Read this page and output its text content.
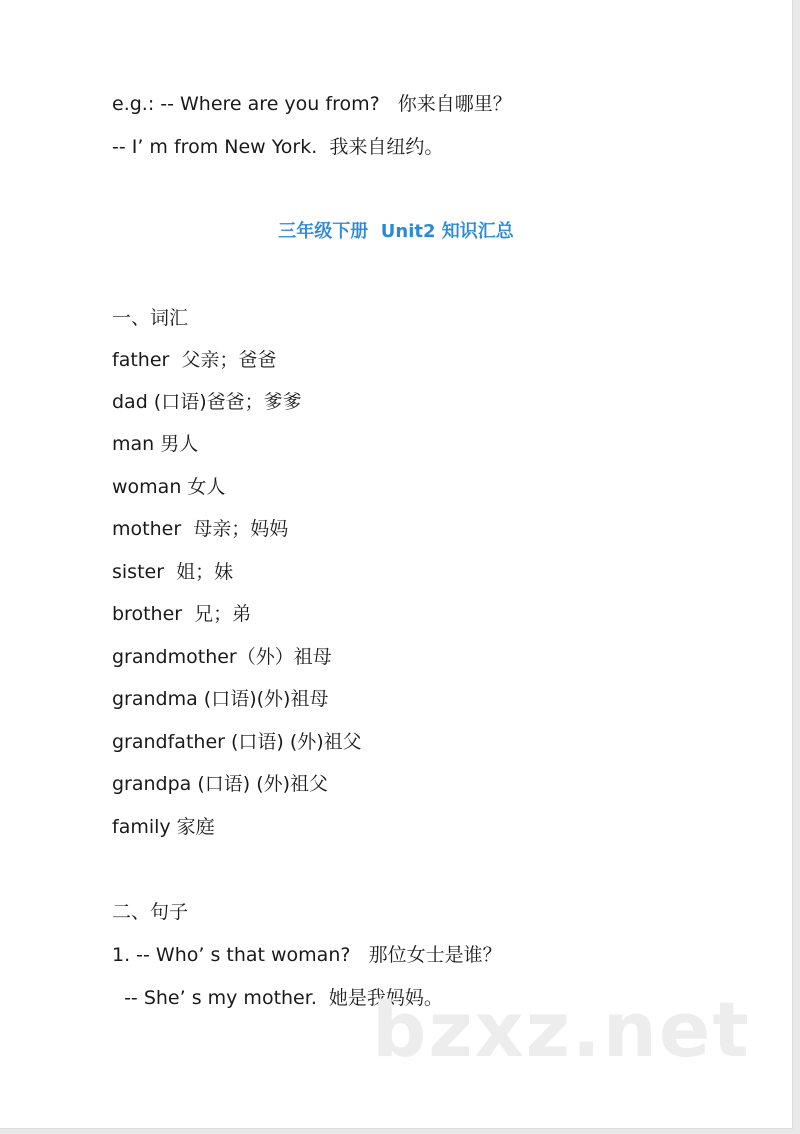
e.g.: -- Where are you from?   你来自哪里？
-- I’ m from New York.  我来自纽约。
三年级下册  Unit2 知识汇总
一、词汇
father  父亲；爸爸
dad (口语)爸爸；爹爹
man 男人
woman 女人
mother  母亲；妈妈
sister  姐；妹
brother  兄；弟
grandmother（外）祖母
grandma (口语)(外)祖母
grandfather (口语) (外)祖父
grandpa (口语) (外)祖父
family 家庭
二、句子
1. -- Who’ s that woman?   那位女士是谁？
-- She’ s my mother.  她是我妈妈。
bzxz.net
